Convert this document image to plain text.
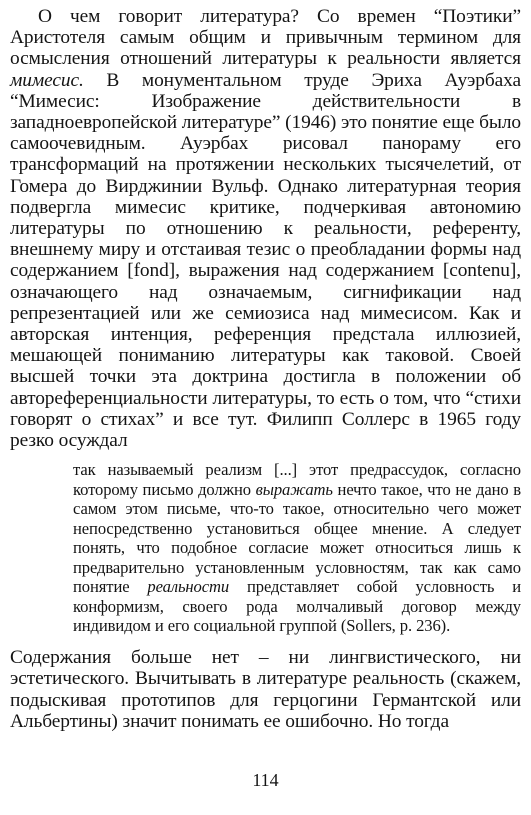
О чем говорит литература? Со времен “Поэтики” Аристотеля самым общим и привычным термином для осмысления отношений литературы к реальности является мимесис. В монументальном труде Эриха Ауэрбаха “Мимесис: Изображение действительности в западноевропейской литературе” (1946) это понятие еще было самоочевидным. Ауэрбах рисовал панораму его трансформаций на протяжении нескольких тысячелетий, от Гомера до Вирджинии Вульф. Однако литературная теория подвергла мимесис критике, подчеркивая автономию литературы по отношению к реальности, референту, внешнему миру и отстаивая тезис о преобладании формы над содержанием [fond], выражения над содержанием [contenu], означающего над означаемым, сигнификации над репрезентацией или же семиозиса над мимесисом. Как и авторская интенция, референция предстала иллюзией, мешающей пониманию литературы как таковой. Своей высшей точки эта доктрина достигла в положении об автореференциальности литературы, то есть о том, что “стихи говорят о стихах” и все тут. Филипп Соллерс в 1965 году резко осуждал

так называемый реализм [...] этот предрассудок, согласно которому письмо должно выражать нечто такое, что не дано в самом этом письме, что-то такое, относительно чего может непосредственно установиться общее мнение. А следует понять, что подобное согласие может относиться лишь к предварительно установленным условностям, так как само понятие реальности представляет собой условность и конформизм, своего рода молчаливый договор между индивидом и его социальной группой (Sollers, p. 236).

Содержания больше нет – ни лингвистического, ни эстетического. Вычитывать в литературе реальность (скажем, подыскивая прототипов для герцогини Германтской или Альбертины) значит понимать ее ошибочно. Но тогда

114
